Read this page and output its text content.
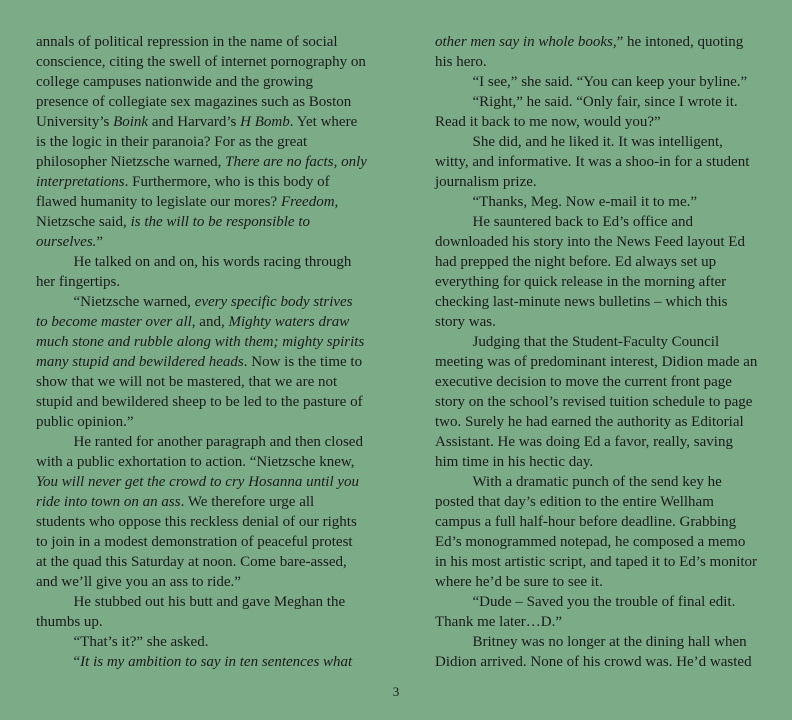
annals of political repression in the name of social conscience, citing the swell of internet pornography on college campuses nationwide and the growing presence of collegiate sex magazines such as Boston University’s Boink and Harvard’s H Bomb. Yet where is the logic in their paranoia? For as the great philosopher Nietzsche warned, There are no facts, only interpretations. Furthermore, who is this body of flawed humanity to legislate our mores? Freedom, Nietzsche said, is the will to be responsible to ourselves.”

He talked on and on, his words racing through her fingertips.

“Nietzsche warned, every specific body strives to become master over all, and, Mighty waters draw much stone and rubble along with them; mighty spirits many stupid and bewildered heads. Now is the time to show that we will not be mastered, that we are not stupid and bewildered sheep to be led to the pasture of public opinion.”

He ranted for another paragraph and then closed with a public exhortation to action. “Nietzsche knew, You will never get the crowd to cry Hosanna until you ride into town on an ass. We therefore urge all students who oppose this reckless denial of our rights to join in a modest demonstration of peaceful protest at the quad this Saturday at noon. Come bare-assed, and we’ll give you an ass to ride.”

He stubbed out his butt and gave Meghan the thumbs up.

“That’s it?” she asked.

“It is my ambition to say in ten sentences what

other men say in whole books,” he intoned, quoting his hero.

“I see,” she said. “You can keep your byline.”

“Right,” he said. “Only fair, since I wrote it. Read it back to me now, would you?”

She did, and he liked it. It was intelligent, witty, and informative. It was a shoo-in for a student journalism prize.

“Thanks, Meg. Now e-mail it to me.”

He sauntered back to Ed’s office and downloaded his story into the News Feed layout Ed had prepped the night before. Ed always set up everything for quick release in the morning after checking last-minute news bulletins – which this story was.

Judging that the Student-Faculty Council meeting was of predominant interest, Didion made an executive decision to move the current front page story on the school’s revised tuition schedule to page two. Surely he had earned the authority as Editorial Assistant. He was doing Ed a favor, really, saving him time in his hectic day.

With a dramatic punch of the send key he posted that day’s edition to the entire Wellham campus a full half-hour before deadline. Grabbing Ed’s monogrammed notepad, he composed a memo in his most artistic script, and taped it to Ed’s monitor where he’d be sure to see it.

“Dude – Saved you the trouble of final edit. Thank me later…D.”

Britney was no longer at the dining hall when Didion arrived. None of his crowd was. He’d wasted

3
